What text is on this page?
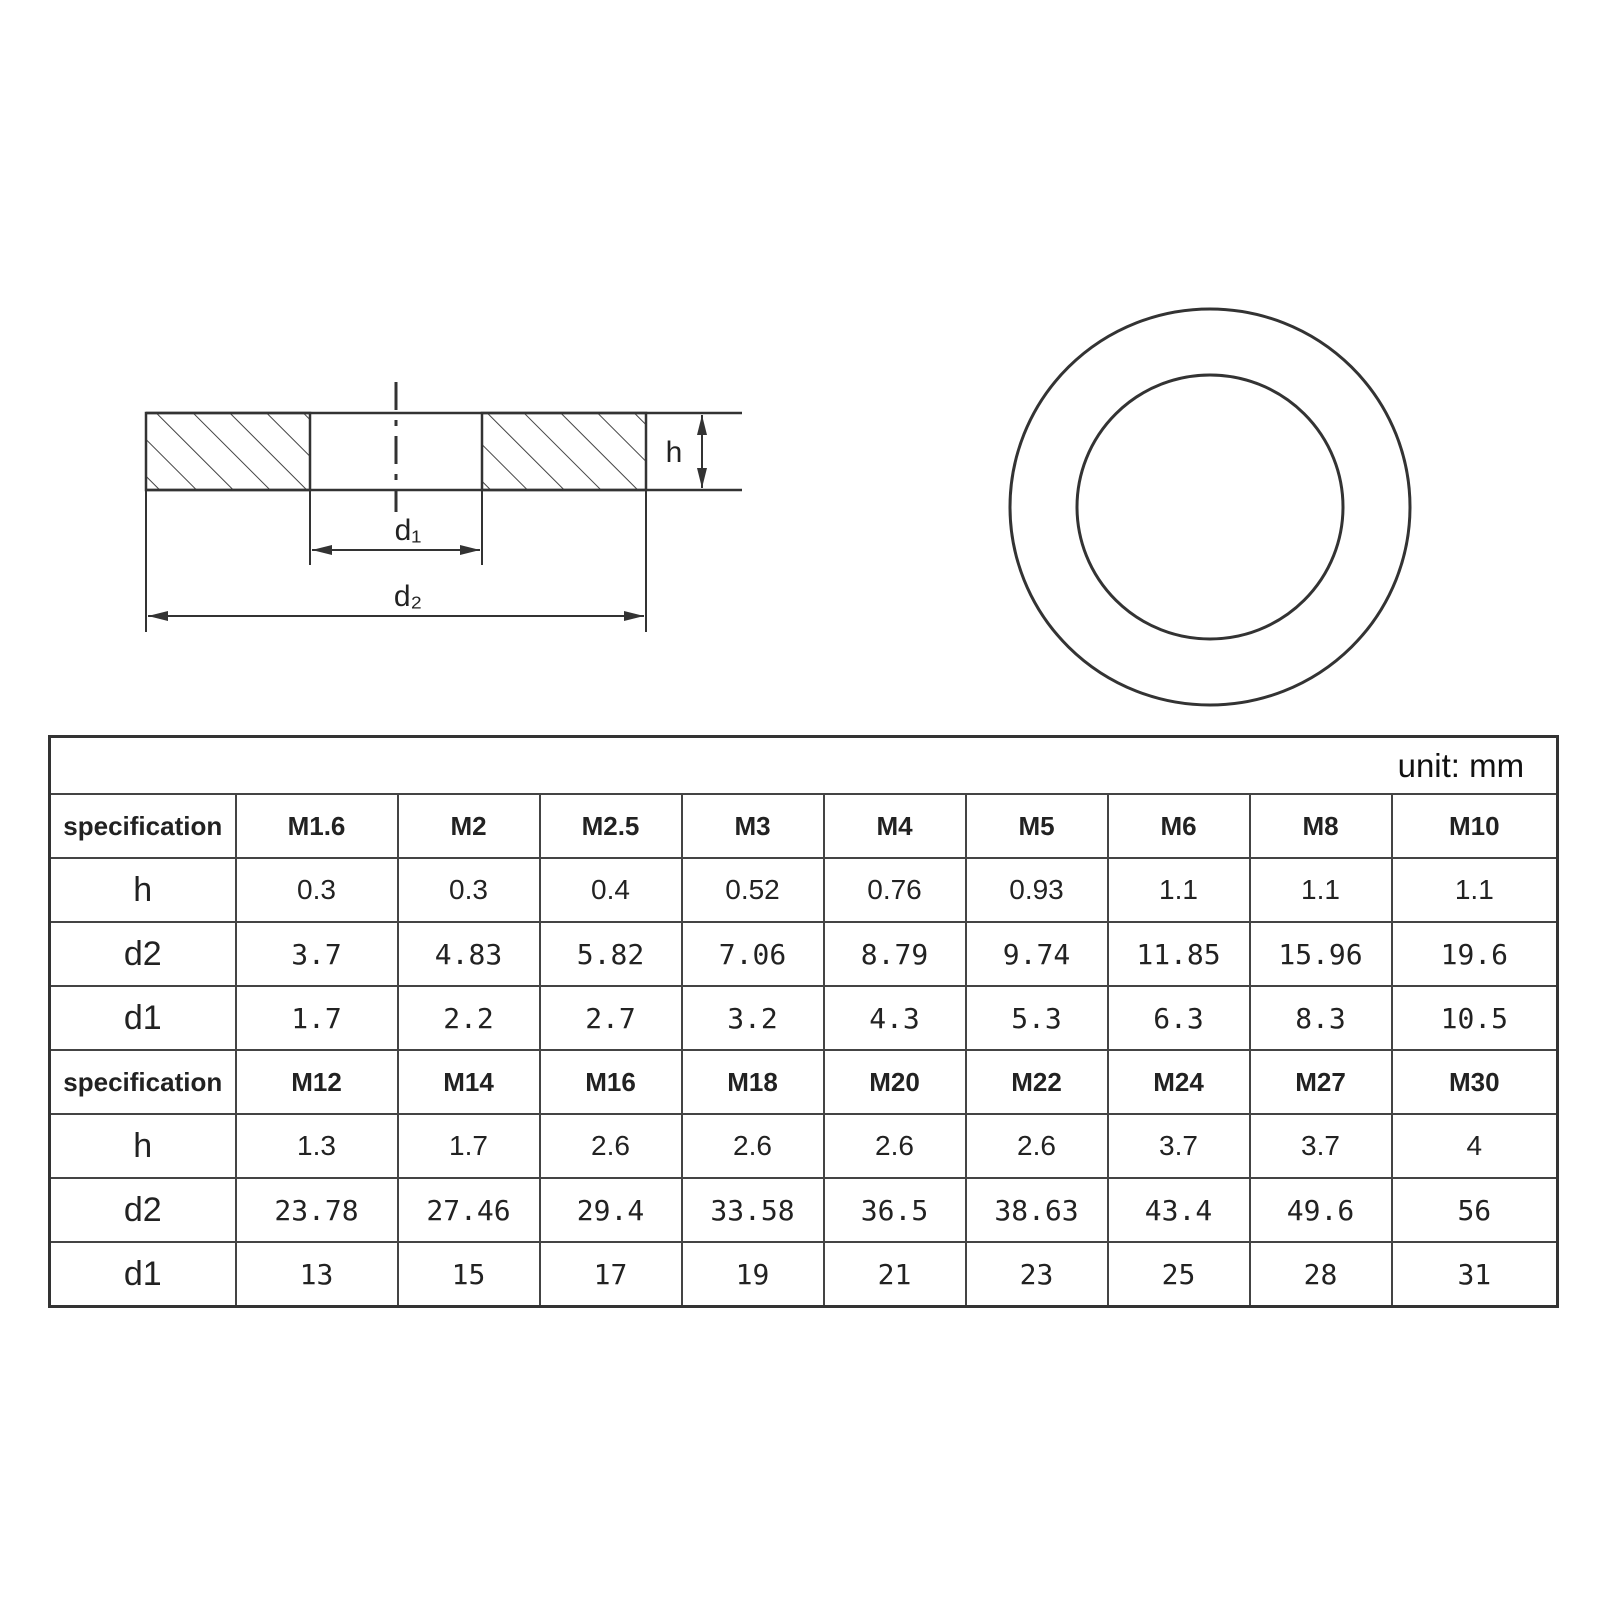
d₁
d₂
h
unit: mm									
specification	M1.6	M2	M2.5	M3	M4	M5	M6	M8	M10
h	0.3	0.3	0.4	0.52	0.76	0.93	1.1	1.1	1.1
d2	3.7	4.83	5.82	7.06	8.79	9.74	11.85	15.96	19.6
d1	1.7	2.2	2.7	3.2	4.3	5.3	6.3	8.3	10.5
specification	M12	M14	M16	M18	M20	M22	M24	M27	M30
h	1.3	1.7	2.6	2.6	2.6	2.6	3.7	3.7	4
d2	23.78	27.46	29.4	33.58	36.5	38.63	43.4	49.6	56
d1	13	15	17	19	21	23	25	28	31
